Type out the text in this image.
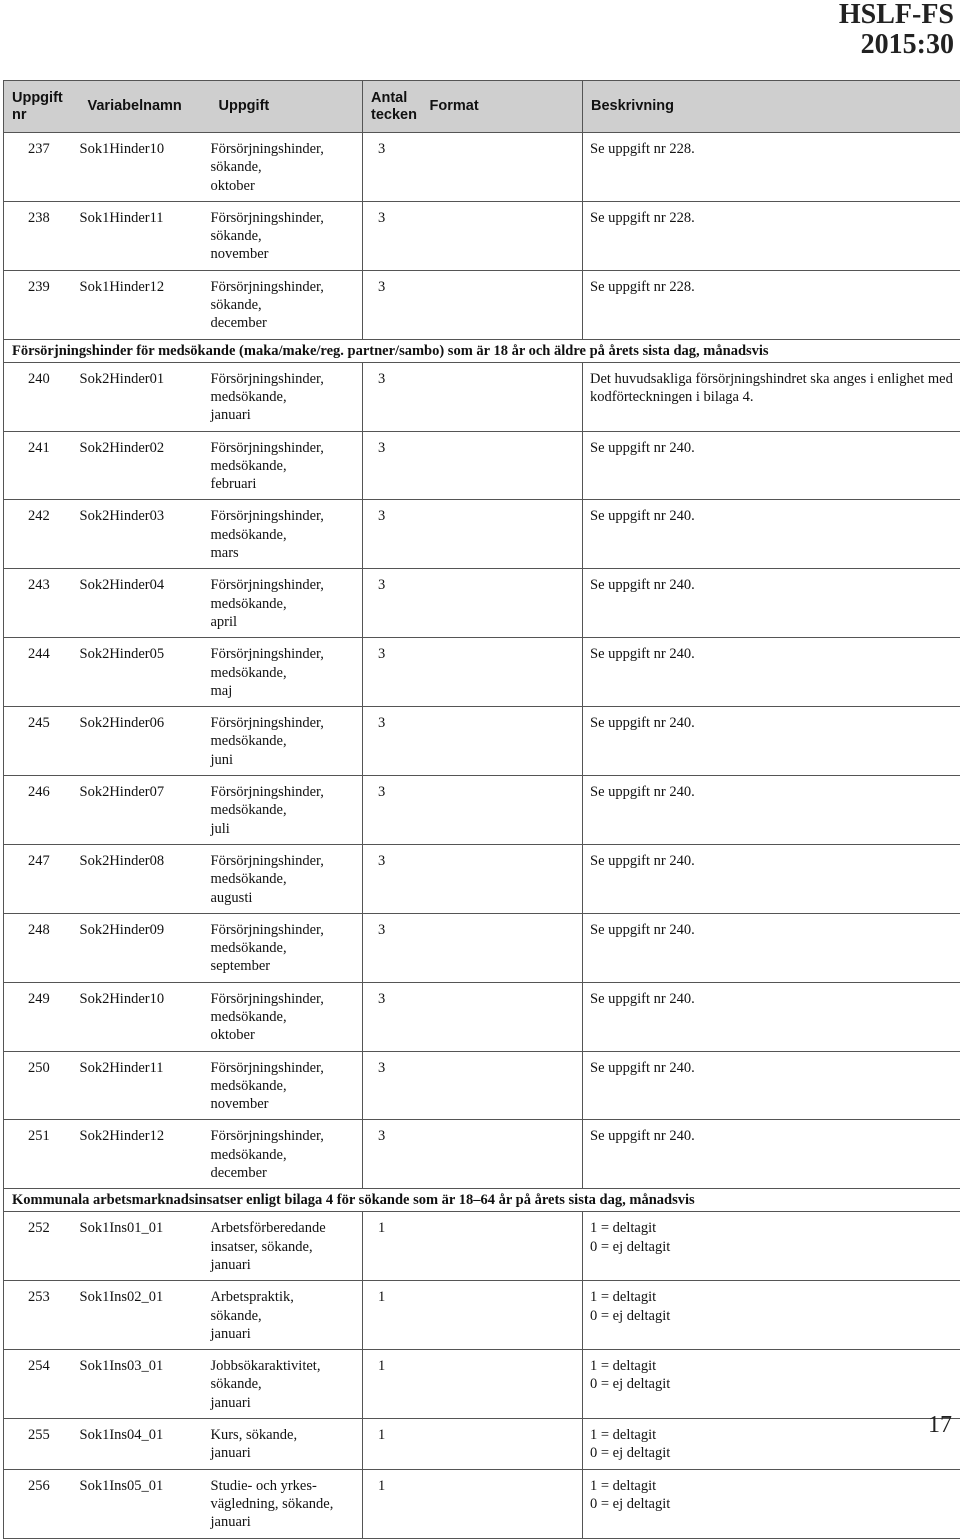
HSLF-FS
2015:30
Uppgift
nr	Variabelnamn	Uppgift	Antal
tecken	Format	Beskrivning
237	Sok1Hinder10	Försörjningshinder,
sökande,
oktober	3		Se uppgift nr 228.
238	Sok1Hinder11	Försörjningshinder,
sökande,
november	3		Se uppgift nr 228.
239	Sok1Hinder12	Försörjningshinder,
sökande,
december	3		Se uppgift nr 228.
Försörjningshinder för medsökande (maka/make/reg. partner/sambo) som är 18 år och äldre på årets sista dag, månadsvis					
240	Sok2Hinder01	Försörjningshinder,
medsökande,
januari	3		Det huvudsakliga försörjningshindret ska anges i enlighet med kodförteckningen i bilaga 4.
241	Sok2Hinder02	Försörjningshinder,
medsökande,
februari	3		Se uppgift nr 240.
242	Sok2Hinder03	Försörjningshinder,
medsökande,
mars	3		Se uppgift nr 240.
243	Sok2Hinder04	Försörjningshinder,
medsökande,
april	3		Se uppgift nr 240.
244	Sok2Hinder05	Försörjningshinder,
medsökande,
maj	3		Se uppgift nr 240.
245	Sok2Hinder06	Försörjningshinder,
medsökande,
juni	3		Se uppgift nr 240.
246	Sok2Hinder07	Försörjningshinder,
medsökande,
juli	3		Se uppgift nr 240.
247	Sok2Hinder08	Försörjningshinder,
medsökande,
augusti	3		Se uppgift nr 240.
248	Sok2Hinder09	Försörjningshinder,
medsökande,
september	3		Se uppgift nr 240.
249	Sok2Hinder10	Försörjningshinder,
medsökande,
oktober	3		Se uppgift nr 240.
250	Sok2Hinder11	Försörjningshinder,
medsökande,
november	3		Se uppgift nr 240.
251	Sok2Hinder12	Försörjningshinder,
medsökande,
december	3		Se uppgift nr 240.
Kommunala arbetsmarknadsinsatser enligt bilaga 4 för sökande som är 18–64 år på årets sista dag, månadsvis					
252	Sok1Ins01_01	Arbetsförberedande
insatser, sökande,
januari	1		1 = deltagit
0 = ej deltagit
253	Sok1Ins02_01	Arbetspraktik,
sökande,
januari	1		1 = deltagit
0 = ej deltagit
254	Sok1Ins03_01	Jobbsökaraktivitet,
sökande,
januari	1		1 = deltagit
0 = ej deltagit
255	Sok1Ins04_01	Kurs, sökande,
januari	1		1 = deltagit
0 = ej deltagit
256	Sok1Ins05_01	Studie- och yrkes-
vägledning, sökande,
januari	1		1 = deltagit
0 = ej deltagit
17
